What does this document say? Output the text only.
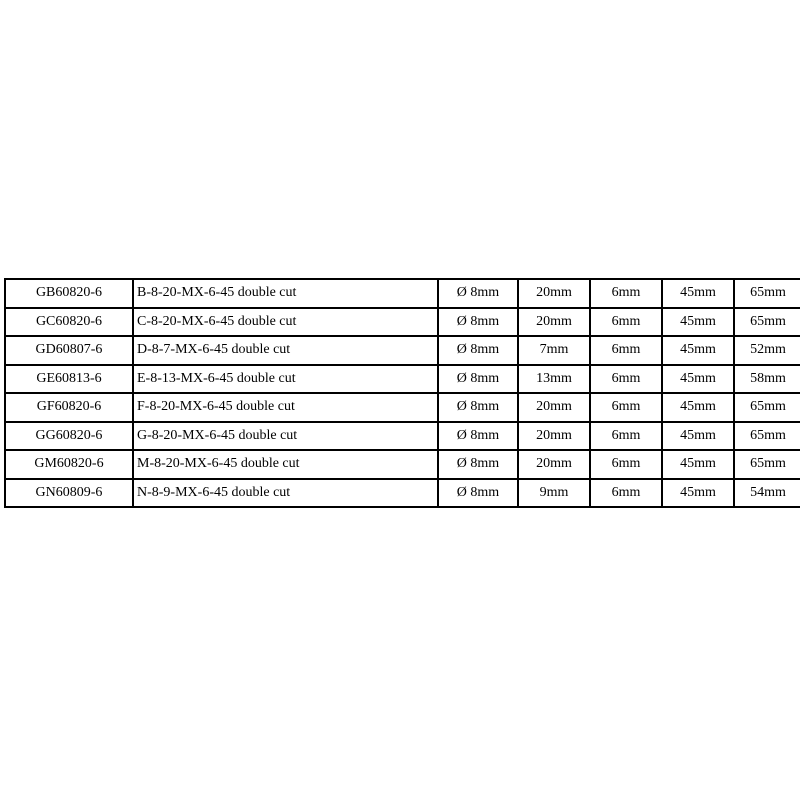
GB60820-6	B-8-20-MX-6-45 double cut	Ø 8mm	20mm	6mm	45mm	65mm
GC60820-6	C-8-20-MX-6-45 double cut	Ø 8mm	20mm	6mm	45mm	65mm
GD60807-6	D-8-7-MX-6-45 double cut	Ø 8mm	7mm	6mm	45mm	52mm
GE60813-6	E-8-13-MX-6-45 double cut	Ø 8mm	13mm	6mm	45mm	58mm
GF60820-6	F-8-20-MX-6-45 double cut	Ø 8mm	20mm	6mm	45mm	65mm
GG60820-6	G-8-20-MX-6-45 double cut	Ø 8mm	20mm	6mm	45mm	65mm
GM60820-6	M-8-20-MX-6-45 double cut	Ø 8mm	20mm	6mm	45mm	65mm
GN60809-6	N-8-9-MX-6-45 double cut	Ø 8mm	9mm	6mm	45mm	54mm
